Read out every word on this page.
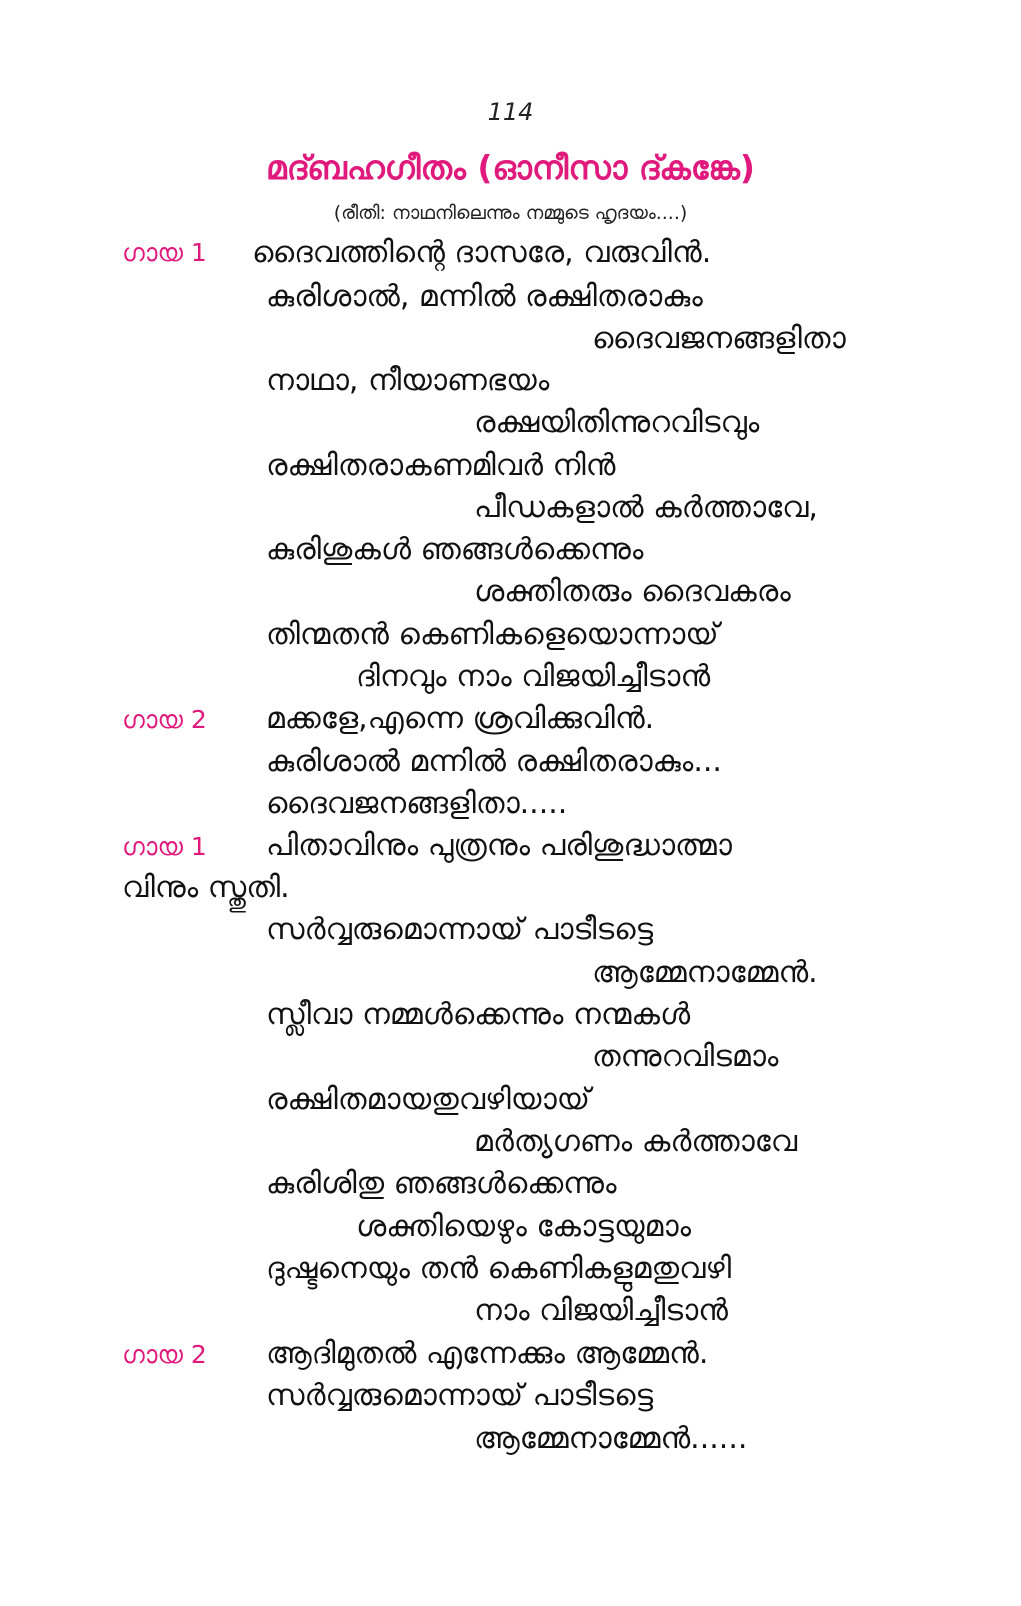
114
മദ്ബഹഗീതം (ഓനീസാ ദ്കങ്കേ)
(രീതി: നാഥനിലെന്നും നമ്മുടെ ഹൃദയം....)
ഗായ 1 ദൈവത്തിന്റെ ദാസരേ, വരുവിൻ.
കുരിശാൽ, മന്നിൽ രക്ഷിതരാകും
ദൈവജനങ്ങളിതാ
നാഥാ, നീയാണഭയം
രക്ഷയിതിന്നുറവിടവും
രക്ഷിതരാകണമിവർ നിൻ
പീഡകളാൽ കർത്താവേ,
കുരിശുകൾ ഞങ്ങൾക്കെന്നും
ശക്തിതരും ദൈവകരം
തിന്മതൻ കെണികളെയൊന്നായ്
ദിനവും നാം വിജയിച്ചീടാൻ
ഗായ 2 മക്കളേ,എന്നെ ശ്രവിക്കുവിൻ.
കുരിശാൽ മന്നിൽ രക്ഷിതരാകും...
ദൈവജനങ്ങളിതാ.....
ഗായ 1 പിതാവിനും പുത്രനും പരിശുദ്ധാത്മാ
വിനും സ്തുതി.
സർവ്വരുമൊന്നായ് പാടീടട്ടെ
ആമ്മേനാമ്മേൻ.
സ്ലീവാ നമ്മൾക്കെന്നും നന്മകൾ
തന്നുറവിടമാം
രക്ഷിതമായതുവഴിയായ്
മർത്യഗണം കർത്താവേ
കുരിശിതു ഞങ്ങൾക്കെന്നും
ശക്തിയെഴും കോട്ടയുമാം
ദുഷ്ടനെയും തൻ കെണികളുമതുവഴി
നാം വിജയിച്ചീടാൻ
ഗായ 2 ആദിമുതൽ എന്നേക്കും ആമ്മേൻ.
സർവ്വരുമൊന്നായ് പാടീടട്ടെ
ആമ്മേനാമ്മേൻ......
